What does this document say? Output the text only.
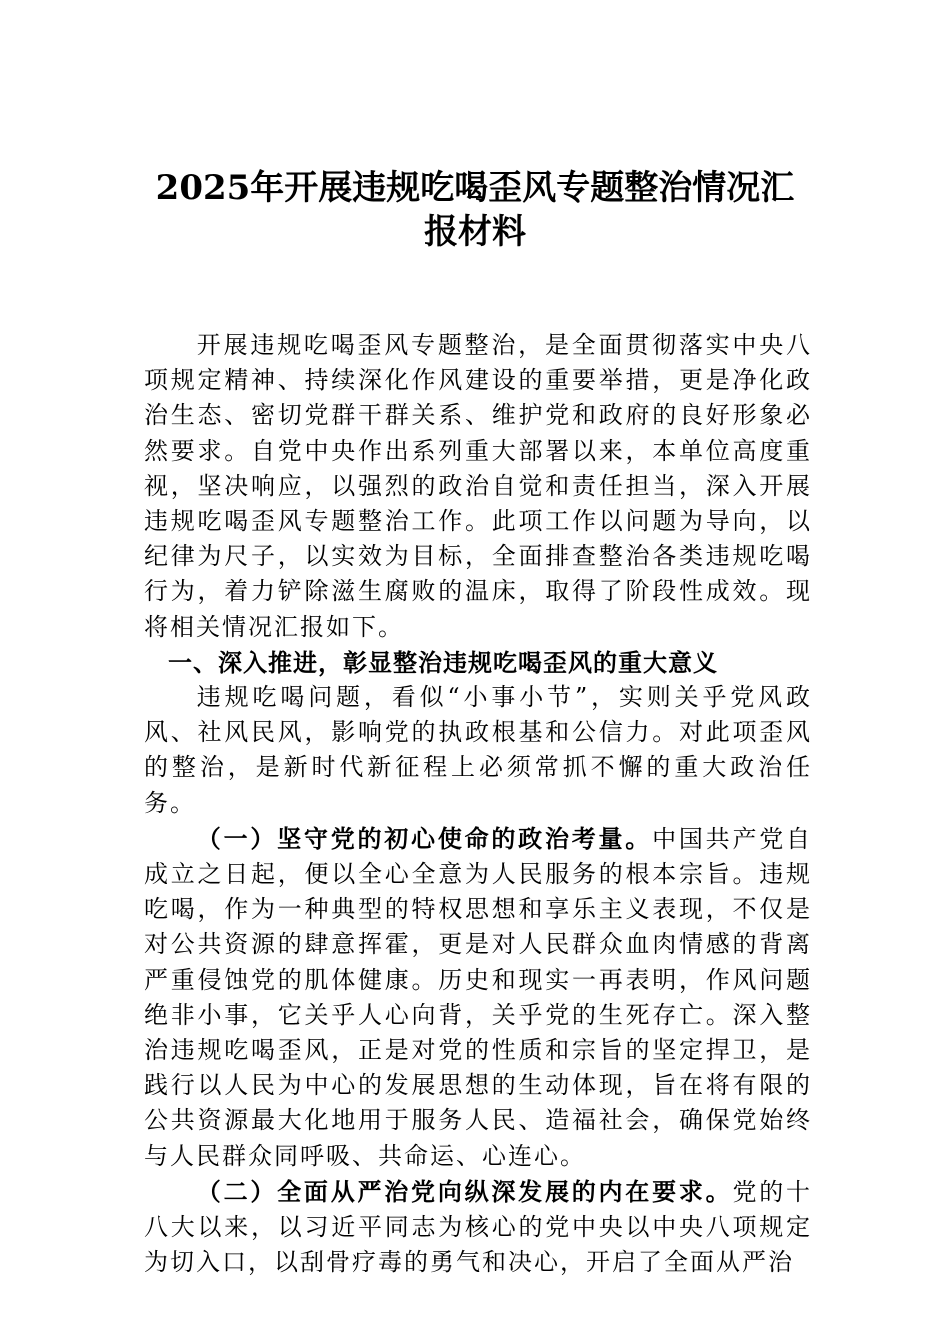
2025年开展违规吃喝歪风专题整治情况汇
报材料

开展违规吃喝歪风专题整治，是全面贯彻落实中央八项规定精神、持续深化作风建设的重要举措，更是净化政治生态、密切党群干群关系、维护党和政府的良好形象必然要求。自党中央作出系列重大部署以来，本单位高度重视，坚决响应，以强烈的政治自觉和责任担当，深入开展违规吃喝歪风专题整治工作。此项工作以问题为导向，以纪律为尺子，以实效为目标，全面排查整治各类违规吃喝行为，着力铲除滋生腐败的温床，取得了阶段性成效。现将相关情况汇报如下。

一、深入推进，彰显整治违规吃喝歪风的重大意义

违规吃喝问题，看似“小事小节”，实则关乎党风政风、社风民风，影响党的执政根基和公信力。对此项歪风的整治，是新时代新征程上必须常抓不懈的重大政治任务。

（一）坚守党的初心使命的政治考量。中国共产党自成立之日起，便以全心全意为人民服务的根本宗旨。违规吃喝，作为一种典型的特权思想和享乐主义表现，不仅是对公共资源的肆意挥霍，更是对人民群众血肉情感的背离严重侵蚀党的肌体健康。历史和现实一再表明，作风问题绝非小事，它关乎人心向背，关乎党的生死存亡。深入整治违规吃喝歪风，正是对党的性质和宗旨的坚定捍卫，是践行以人民为中心的发展思想的生动体现，旨在将有限的公共资源最大化地用于服务人民、造福社会，确保党始终与人民群众同呼吸、共命运、心连心。

（二）全面从严治党向纵深发展的内在要求。党的十八大以来，以习近平同志为核心的党中央以中央八项规定为切入口，以刮骨疗毒的勇气和决心，开启了全面从严治
